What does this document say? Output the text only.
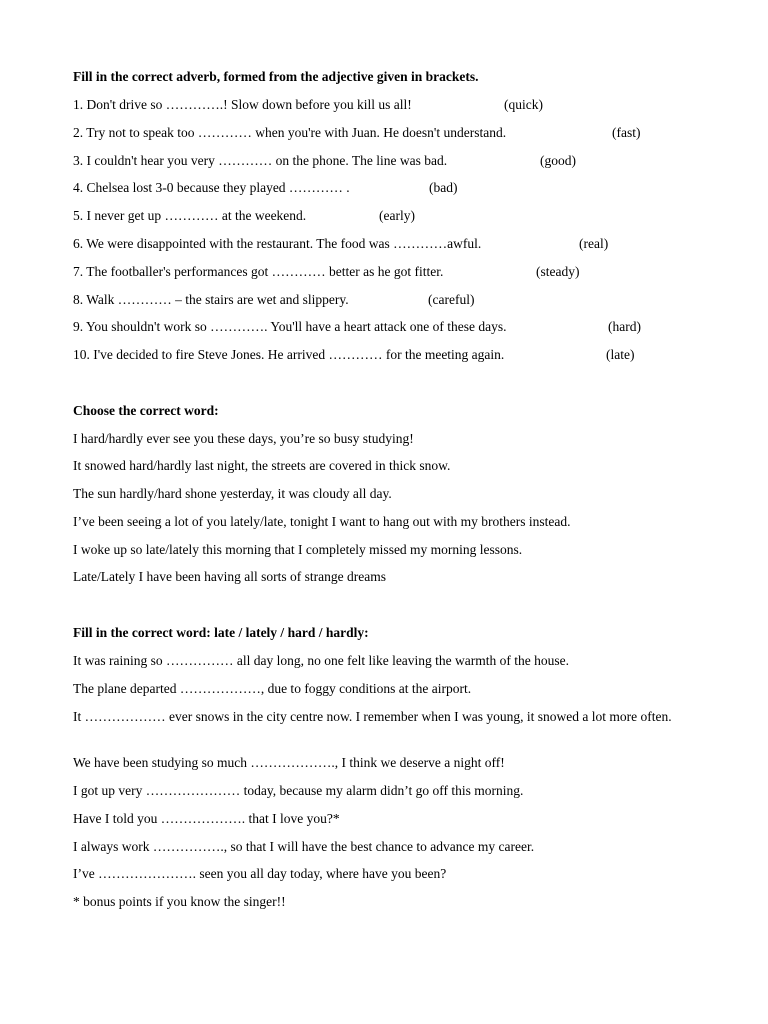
Fill in the correct adverb, formed from the adjective given in brackets.
1. Don't drive so ………….! Slow down before you kill us all!	(quick)
2. Try not to speak too ………… when you're with Juan. He doesn't understand.	(fast)
3. I couldn't hear you very ………… on the phone. The line was bad.	(good)
4. Chelsea lost 3-0 because they played ………… .	(bad)
5. I never get up ………… at the weekend.	(early)
6. We were disappointed with the restaurant. The food was …………awful.	(real)
7. The footballer's performances got ………… better as he got fitter.	(steady)
8. Walk ………… – the stairs are wet and slippery.	(careful)
9. You shouldn't work so …………. You'll have a heart attack one of these days.	(hard)
10. I've decided to fire Steve Jones. He arrived ………… for the meeting again.	(late)
Choose the correct word:
I hard/hardly ever see you these days, you’re so busy studying!
It snowed hard/hardly last night, the streets are covered in thick snow.
The sun hardly/hard shone yesterday, it was cloudy all day.
I’ve been seeing a lot of you lately/late, tonight I want to hang out with my brothers instead.
I woke up so late/lately this morning that I completely missed my morning lessons.
Late/Lately I have been having all sorts of strange dreams
Fill in the correct word: late / lately / hard / hardly:
It was raining so …………… all day long, no one felt like leaving the warmth of the house.
The plane departed ………………, due to foggy conditions at the airport.
It ……………… ever snows in the city centre now. I remember when I was young, it snowed a lot more often.
We have been studying so much ………………., I think we deserve a night off!
I got up very ………………… today, because my alarm didn’t go off this morning.
Have I told you ………………. that I love you?*
I always work ……………., so that I will have the best chance to advance my career.
I’ve …………………. seen you all day today, where have you been?
* bonus points if you know the singer!!
